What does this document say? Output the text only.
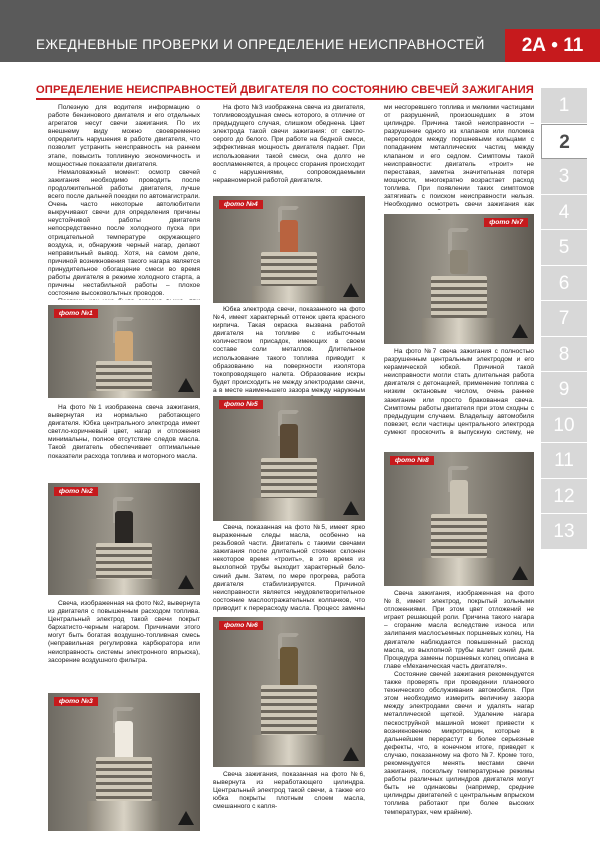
ЕЖЕДНЕВНЫЕ ПРОВЕРКИ И ОПРЕДЕЛЕНИЕ НЕИСПРАВНОСТЕЙ	2А • 11
ОПРЕДЕЛЕНИЕ НЕИСПРАВНОСТЕЙ ДВИГАТЕЛЯ ПО СОСТОЯНИЮ СВЕЧЕЙ ЗАЖИГАНИЯ

Полезную для водителя информацию о работе бензинового двигателя и его отдельных агрегатов несут свечи зажигания. По их внешнему виду можно своевременно определить нарушения в работе двигателя, что позволит устранить неисправность на раннем этапе, повысить топливную экономичность и мощностные показатели двигателя.

Немаловажный момент: осмотр свечей зажигания необходимо проводить после продолжительной работы двигателя, лучше всего после дальней поездки по автомагистрали. Очень часто некоторые автолюбители выкручивают свечи для определения причины неустойчивой работы двигателя непосредственно после холодного пуска при отрицательной температуре окружающего воздуха, и, обнаружив черный нагар, делают неправильный вывод. Хотя, на самом деле, причиной возникновения такого нагара является принудительное обогащение смеси во время работы двигателя в режиме холодного старта, а причины нестабильной работы – плохое состояние высоковольтных проводов.

фото №1

На фото №1 изображена свеча зажигания, вывернутая из нормально работающего двигателя. Юбка центрального электрода имеет светло-коричневый цвет, нагар и отложения минимальны, полное отсутствие следов масла. Такой двигатель обеспечивает оптимальные показатели расхода топлива и моторного масла.

фото №2

Свеча, изображенная на фото №2, вывернута из двигателя с повышенным расходом топлива. Центральный электрод такой свечи покрыт бархатисто-черным нагаром. Причинами этого могут быть богатая воздушно-топливная смесь (неправильная регулировка карбюратора или неисправность системы электронного впрыска), засорение воздушного фильтра.

фото №3

На фото №3 изображена свеча из двигателя, топливовоздушная смесь которого, в отличие от предыдущего случая, слишком обеднена. Цвет электрода такой свечи зажигания: от светло-серого до белого. При работе на бедной смеси, эффективная мощность двигателя падает. При использовании такой смеси, она долго не воспламеняется, а процесс сгорания происходит с нарушениями, сопровождаемыми неравномерной работой двигателя.

фото №4

Юбка электрода свечи, показанного на фото №4, имеет характерный оттенок цвета красного кирпича. Такая окраска вызвана работой двигателя на топливе с избыточным количеством присадок, имеющих в своем составе соли металлов. Длительное использование такого топлива приводит к образованию на поверхности изолятора токопроводящего налета. Образование искры будет происходить не между электродами свечи, а в месте наименьшего зазора между наружным

фото №5

Свеча, показанная на фото №5, имеет ярко выраженные следы масла, особенно на резьбовой части. Двигатель с такими свечами зажигания после длительной стоянки склонен некоторое время «троить», в это время из выхлопной трубы выходит характерный бело-синий дым. Затем, по мере прогрева, работа двигателя стабилизируется. Причиной неисправности является неудовлетворительное состояние маслоотражательных колпачков, что приводит к перерасходу масла. Процесс замены

фото №6

Свеча зажигания, показанная на фото №6, вывернута из неработающего цилиндра. Центральный электрод такой свечи, а также его юбка покрыты плотным слоем масла, смешанного с капля-

ми несгоревшего топлива и мелкими частицами от разрушений, произошедших в этом цилиндре. Причина такой неисправности – разрушение одного из клапанов или поломка перегородок между поршневыми кольцами с попаданием металлических частиц между клапаном и его седлом. Симптомы такой неисправности: двигатель «троит» не переставая, заметна значительная потеря мощности, многократно возрастает расход топлива. При появлении таких симптомов затягивать с поиском неисправности нельзя. Необходимо осмотреть свечи зажигания как

фото №7

На фото №7 свеча зажигания с полностью разрушенным центральным электродом и его керамической юбкой. Причиной такой неисправности могли стать длительная работа двигателя с детонацией, применение топлива с низким октановым числом, очень раннее зажигание или просто бракованная свеча. Симптомы работы двигателя при этом сходны с предыдущим случаем. Владельцу автомобиля повезет, если частицы центрального электрода сумеют проскочить в выпускную систему, не

фото №8

Свеча зажигания, изображенная на фото №8, имеет электрод, покрытый зольными отложениями. При этом цвет отложений не играет решающей роли. Причина такого нагара – сгорание масла вследствие износа или залипания маслосъемных поршневых колец. На двигателе наблюдается повышенный расход масла, из выхлопной трубы валит синий дым. Процедура замены поршневых колец описана в главе «Механическая часть двигателя».

Состояние свечей зажигания рекомендуется также проверять при проведении планового технического обслуживания автомобиля. При этом необходимо измерить величину зазора между электродами свечи и удалять нагар металлической щеткой. Удаление нагара пескоструйной машиной может привести к возникновению микротрещин, которые в дальнейшем перерастут в более серьезные дефекты, что, в конечном итоге, приведет к случаю, показанному на фото №7. Кроме того, рекомендуется менять местами свечи зажигания, поскольку температурные режимы работы различных цилиндров двигателя могут быть не одинаковы (например, средние цилиндры двигателей с центральным впрыском топлива работают при более высоких температурах, чем крайние).

1
2
3
4
5
6
7
8
9
10
11
12
13
